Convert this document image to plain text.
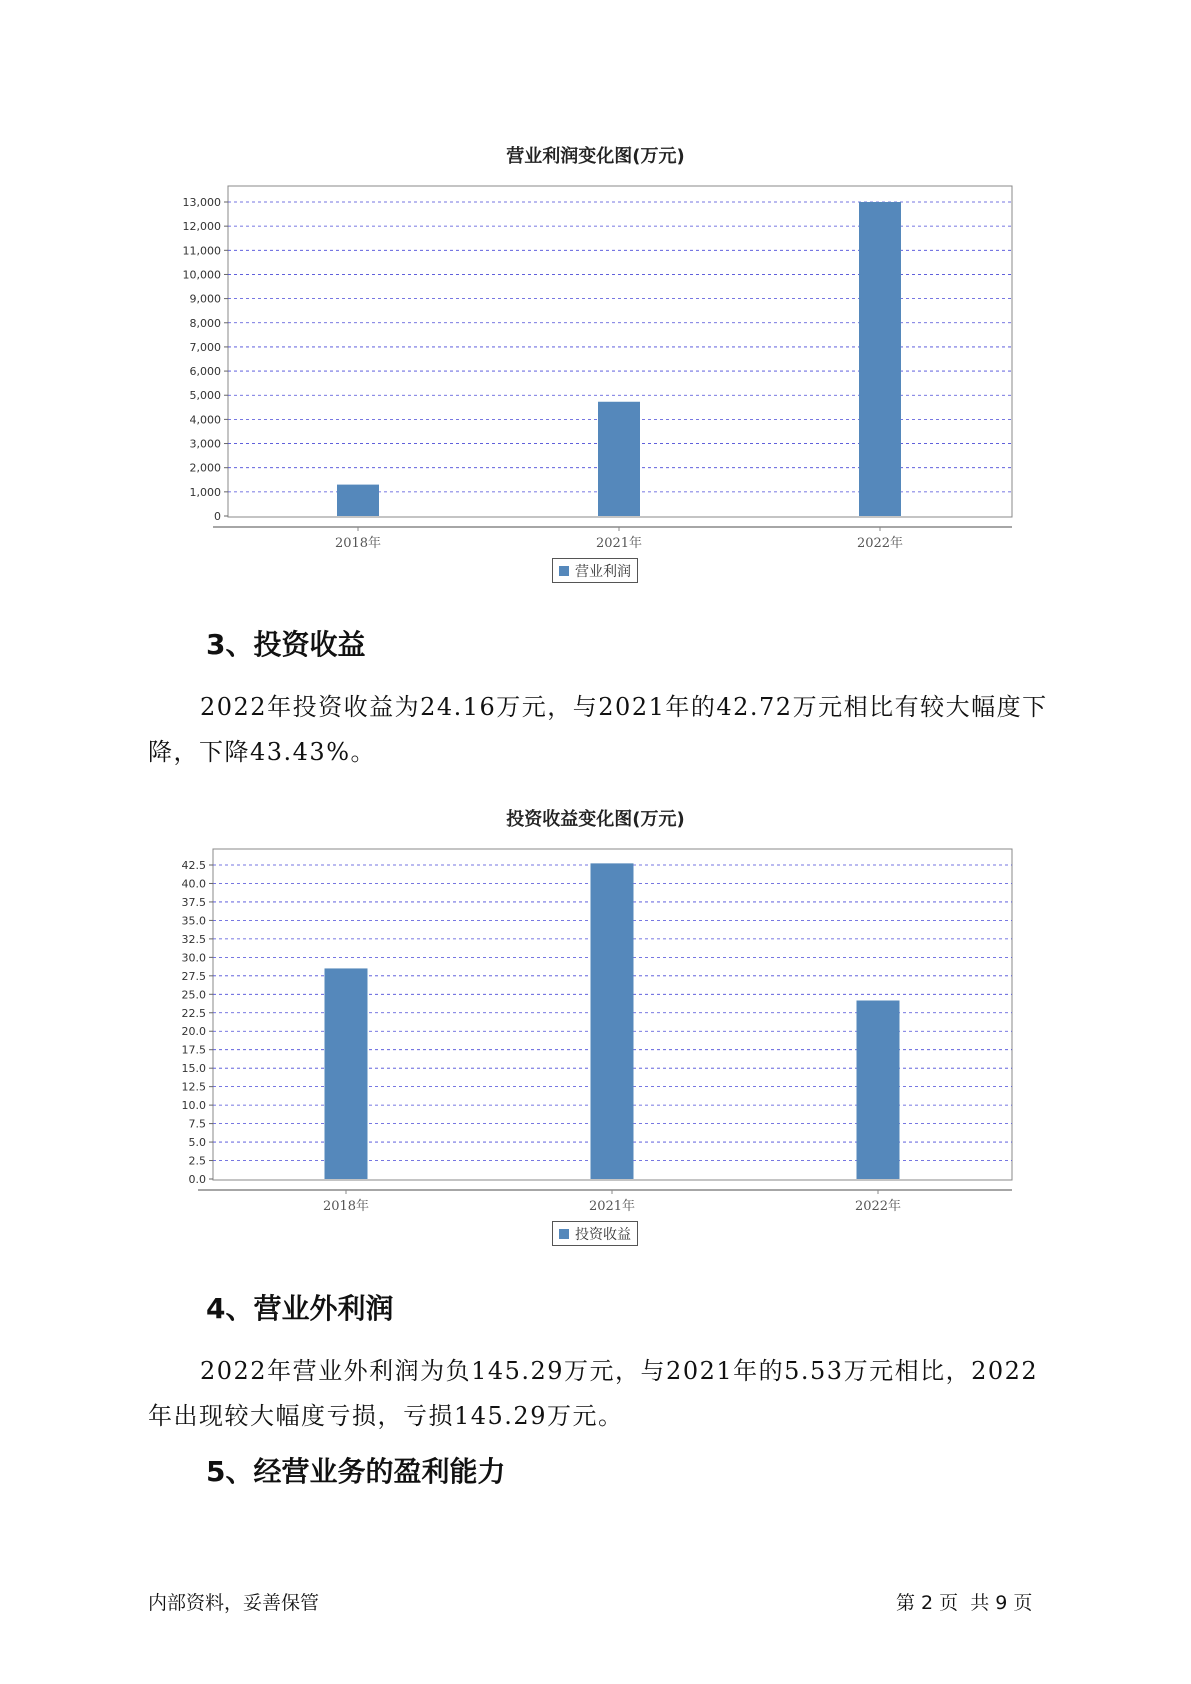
营业利润变化图(万元)
0
1,000
2,000
3,000
4,000
5,000
6,000
7,000
8,000
9,000
10,000
11,000
12,000
13,000
2018年	2021年	2022年
营业利润
3、投资收益

2022年投资收益为24.16万元，与2021年的42.72万元相比有较大幅度下降，下降43.43%。

投资收益变化图(万元)
0.0
2.5
5.0
7.5
10.0
12.5
15.0
17.5
20.0
22.5
25.0
27.5
30.0
32.5
35.0
37.5
40.0
42.5
2018年	2021年	2022年
投资收益
4、营业外利润

2022年营业外利润为负145.29万元，与2021年的5.53万元相比，2022年出现较大幅度亏损，亏损145.29万元。

5、经营业务的盈利能力
内部资料，妥善保管	第 2 页  共 9 页
